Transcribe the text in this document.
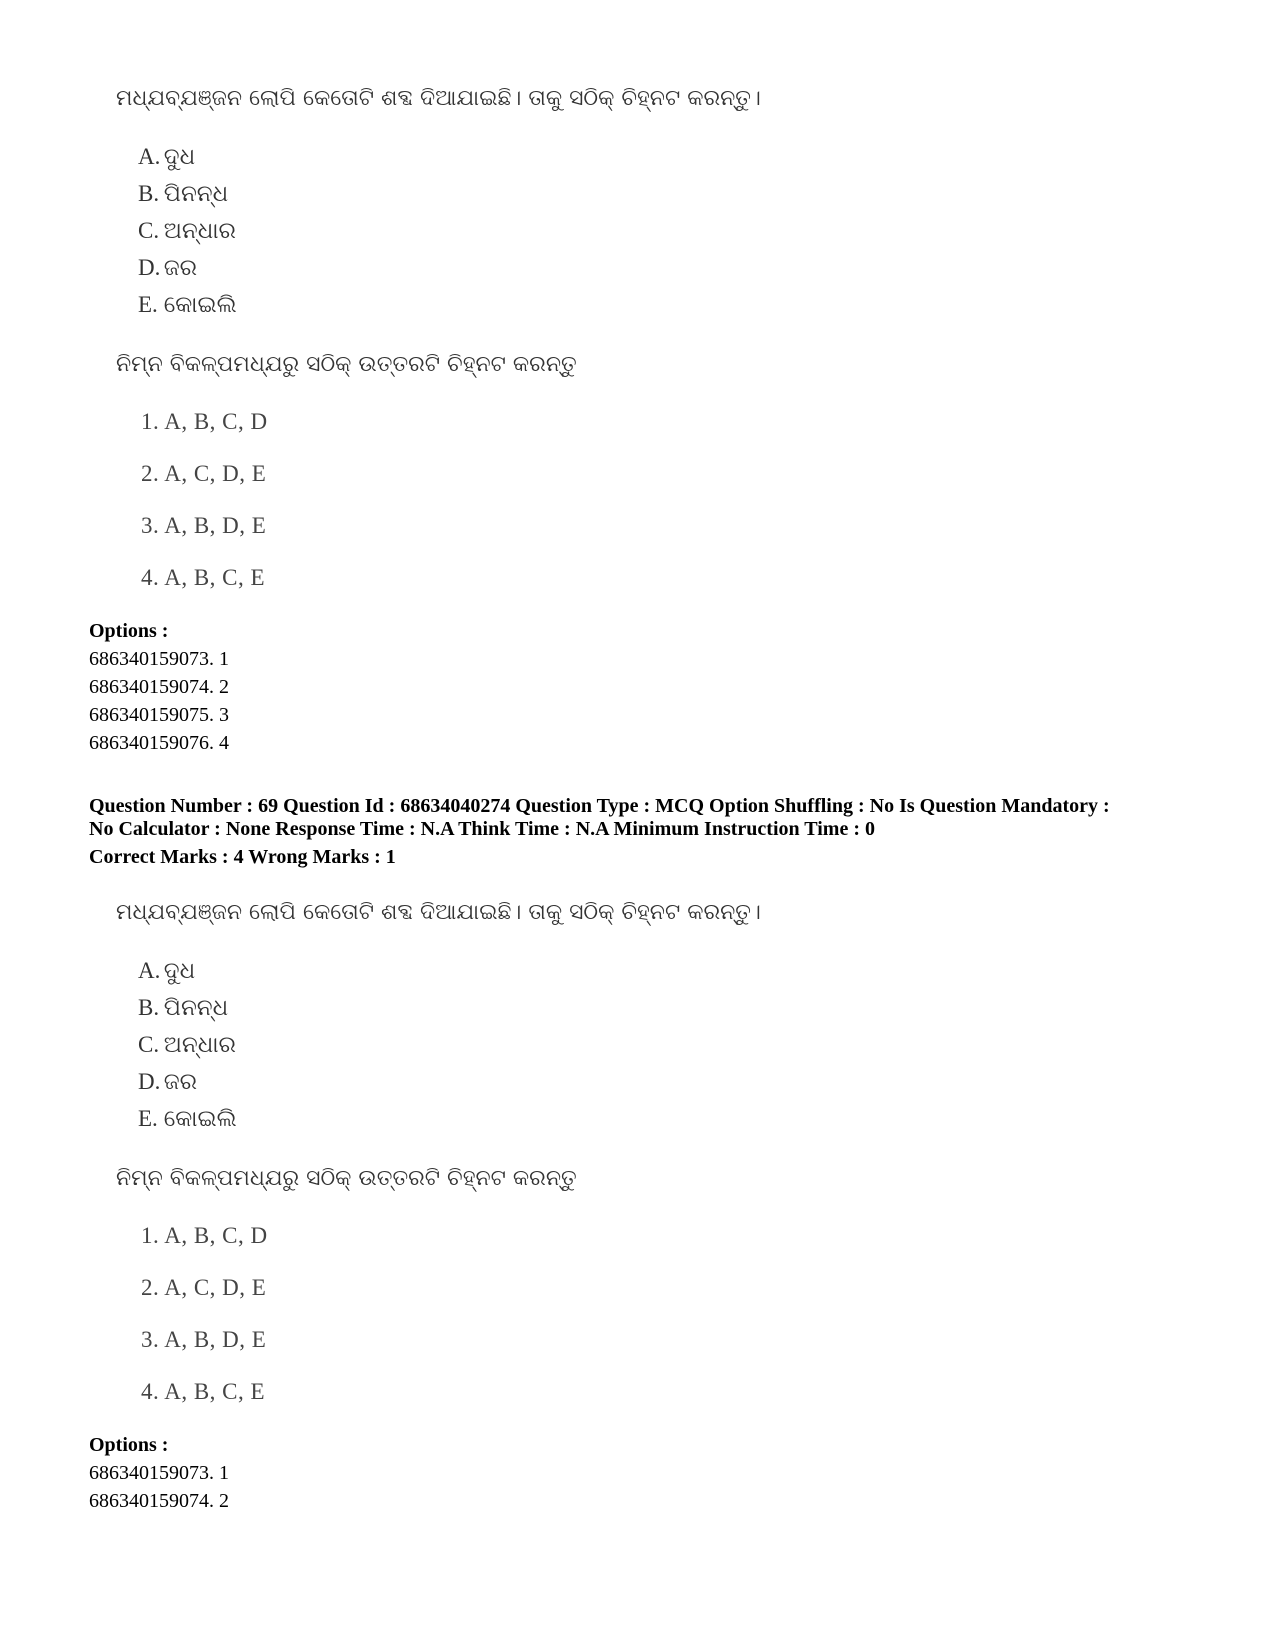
ମଧ୍ଯବ୍ଯଞ୍ଜନ ଲୋପି କେତୋଟି ଶବ୍ଦ ଦିଆଯାଇଛି। ତାକୁ ସଠିକ୍ ଚିହ୍ନଟ କରନ୍ତୁ।
A. ଦୁଧ
B. ପିନନ୍ଧ
C. ଅନ୍ଧାର
D. ଜର
E. କୋଇଲି
ନିମ୍ନ ବିକଳ୍ପମଧ୍ଯରୁ ସଠିକ୍ ଉତ୍ତରଟି ଚିହ୍ନଟ କରନ୍ତୁ
1. A, B, C, D
2. A, C, D, E
3. A, B, D, E
4. A, B, C, E
Options :
686340159073. 1
686340159074. 2
686340159075. 3
686340159076. 4
Question Number : 69 Question Id : 68634040274 Question Type : MCQ Option Shuffling : No Is Question Mandatory :
No Calculator : None Response Time : N.A Think Time : N.A Minimum Instruction Time : 0
Correct Marks : 4 Wrong Marks : 1
ମଧ୍ଯବ୍ଯଞ୍ଜନ ଲୋପି କେତୋଟି ଶବ୍ଦ ଦିଆଯାଇଛି। ତାକୁ ସଠିକ୍ ଚିହ୍ନଟ କରନ୍ତୁ।
A. ଦୁଧ
B. ପିନନ୍ଧ
C. ଅନ୍ଧାର
D. ଜର
E. କୋଇଲି
ନିମ୍ନ ବିକଳ୍ପମଧ୍ଯରୁ ସଠିକ୍ ଉତ୍ତରଟି ଚିହ୍ନଟ କରନ୍ତୁ
1. A, B, C, D
2. A, C, D, E
3. A, B, D, E
4. A, B, C, E
Options :
686340159073. 1
686340159074. 2
